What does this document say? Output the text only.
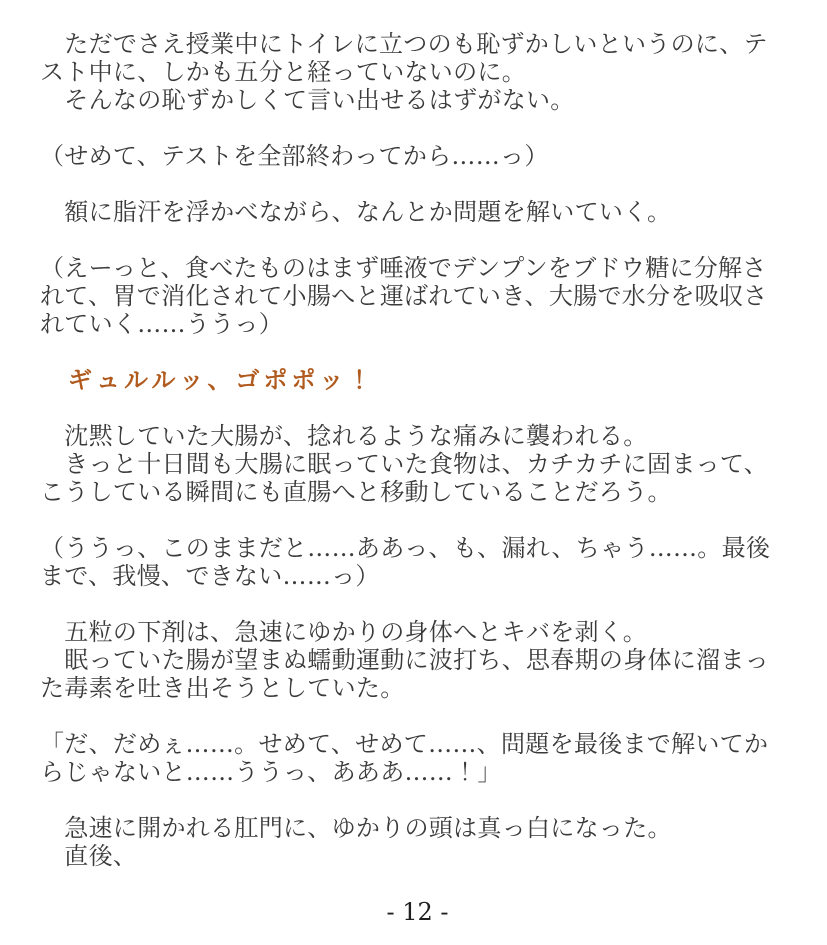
　ただでさえ授業中にトイレに立つのも恥ずかしいというのに、テ
スト中に、しかも五分と経っていないのに。
　そんなの恥ずかしくて言い出せるはずがない。
（せめて、テストを全部終わってから……っ）
　額に脂汗を浮かべながら、なんとか問題を解いていく。
（えーっと、食べたものはまず唾液でデンプンをブドウ糖に分解さ
れて、胃で消化されて小腸へと運ばれていき、大腸で水分を吸収さ
れていく……ううっ）
　ギュルルッ、ゴポポッ！
　沈黙していた大腸が、捻れるような痛みに襲われる。
　きっと十日間も大腸に眠っていた食物は、カチカチに固まって、
こうしている瞬間にも直腸へと移動していることだろう。
（ううっ、このままだと……ああっ、も、漏れ、ちゃう……。最後
まで、我慢、できない……っ）
　五粒の下剤は、急速にゆかりの身体へとキバを剥く。
　眠っていた腸が望まぬ蠕動運動に波打ち、思春期の身体に溜まっ
た毒素を吐き出そうとしていた。
「だ、だめぇ……。せめて、せめて……、問題を最後まで解いてか
らじゃないと……ううっ、あああ……！」
　急速に開かれる肛門に、ゆかりの頭は真っ白になった。
　直後、
- 12 -
